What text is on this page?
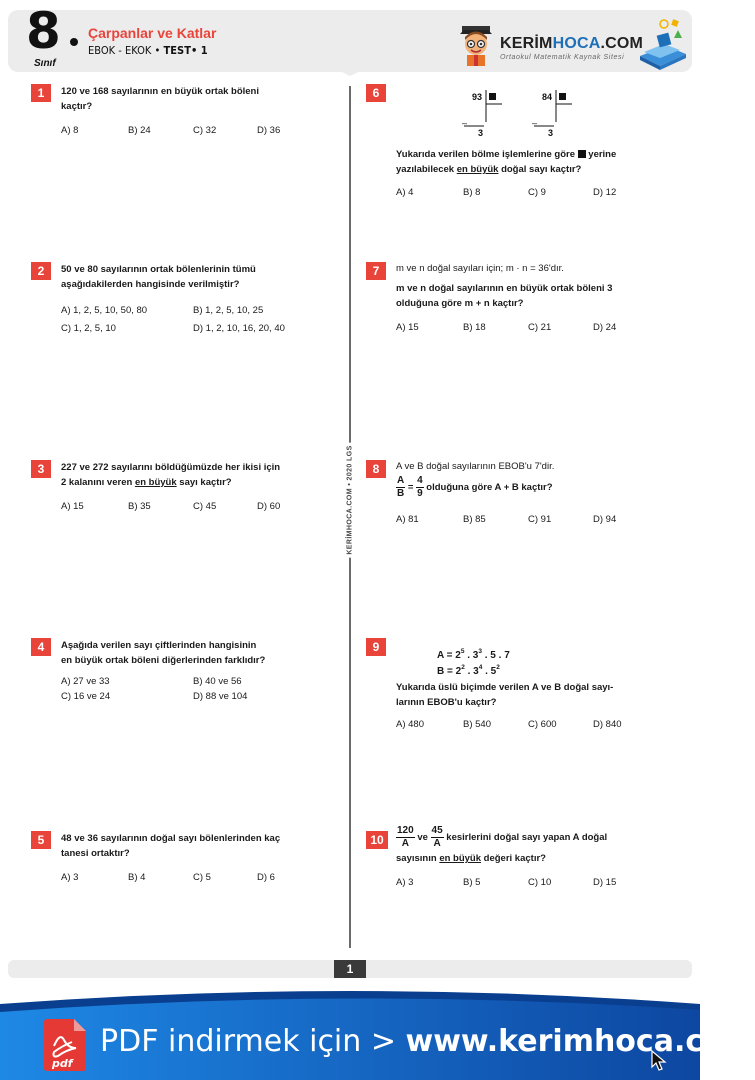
8
Sınıf
Çarpanlar ve Katlar
EBOK - EKOK • TEST• 1	KERİMHOCA.COM
Ortaokul Matematik Kaynak Sitesi
KERİMHOCA.COM • 2020 LGS
1	120 ve 168 sayılarının en büyük ortak böleni
kaçtır?
A) 8	B) 24	C) 32	D) 36
2	50 ve 80 sayılarının ortak bölenlerinin tümü
aşağıdakilerden hangisinde verilmiştir?
A) 1, 2, 5, 10, 50, 80	B) 1, 2, 5, 10, 25
C) 1, 2, 5, 10	D) 1, 2, 10, 16, 20, 40
3	227 ve 272 sayılarını böldüğümüzde her ikisi için
2 kalanını veren en büyük sayı kaçtır?
A) 15	B) 35	C) 45	D) 60
4	Aşağıda verilen sayı çiftlerinden hangisinin
en büyük ortak böleni diğerlerinden farklıdır?
A) 27 ve 33	B) 40 ve 56
C) 16 ve 24	D) 88 ve 104
5	48 ve 36 sayılarının doğal sayı bölenlerinden kaç
tanesi ortaktır?
A) 3	B) 4	C) 5	D) 6
6	93
–
3
84
–
3
Yukarıda verilen bölme işlemlerine göre  yerine
yazılabilecek en büyük doğal sayı kaçtır?
A) 4	B) 8	C) 9	D) 12
7	m ve n doğal sayıları için; m · n = 36'dır.
m ve n doğal sayılarının en büyük ortak böleni 3
olduğuna göre m + n kaçtır?
A) 15	B) 18	C) 21	D) 24
8	A ve B doğal sayılarının EBOB'u 7'dir.
$\frac{A}{B} = \frac{4}{9}$ olduğuna göre A + B kaçtır?
A) 81	B) 85	C) 91	D) 94
9
$A = 2^5$ . $3^3$ . 5 . 7
$B = 2^2$ . $3^4$ . $5^2$
Yukarıda üslü biçimde verilen A ve B doğal sayı-
larının EBOB'u kaçtır?
A) 480	B) 540	C) 600	D) 840
10	$\frac{120}{A}$ ve $\frac{45}{A}$ kesirlerini doğal sayı yapan A doğal
sayısının en büyük değeri kaçtır?
A) 3	B) 5	C) 10	D) 15
1
pdf
PDF indirmek için > www.kerimhoca.com
